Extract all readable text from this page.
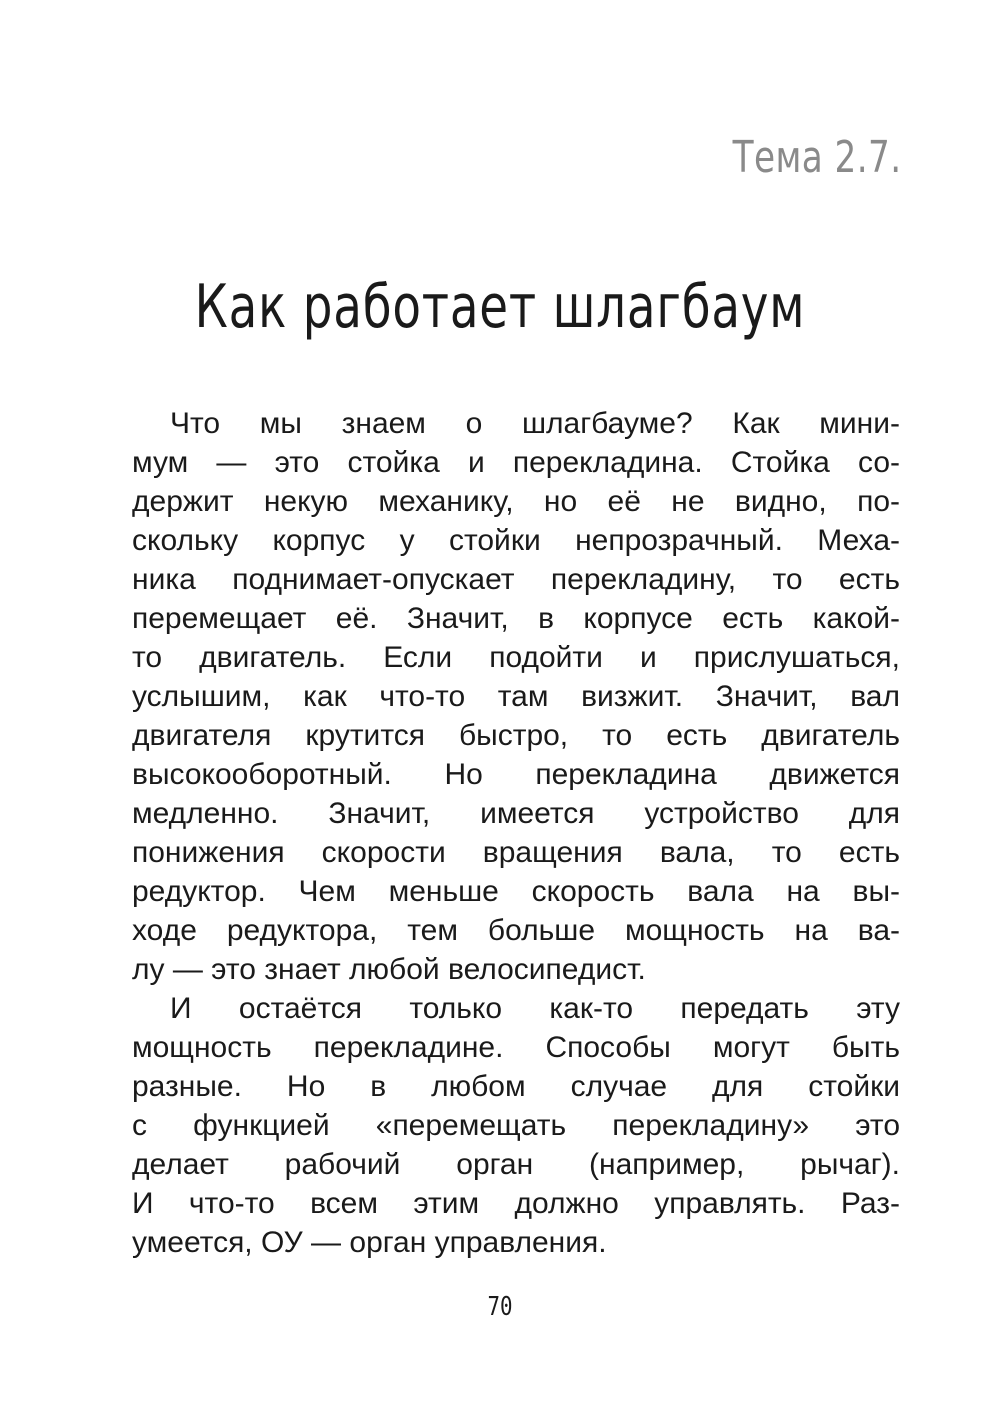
Тема 2.7.
Как работает шлагбаум
Что мы знаем о шлагбауме? Как мини-
мум — это стойка и перекладина. Стойка со-
держит некую механику, но её не видно, по-
скольку корпус у стойки непрозрачный. Меха-
ника поднимает-опускает перекладину, то есть
перемещает её. Значит, в корпусе есть какой-
то двигатель. Если подойти и прислушаться,
услышим, как что-то там визжит. Значит, вал
двигателя крутится быстро, то есть двигатель
высокооборотный. Но перекладина движется
медленно. Значит, имеется устройство для
понижения скорости вращения вала, то есть
редуктор. Чем меньше скорость вала на вы-
ходе редуктора, тем больше мощность на ва-
лу — это знает любой велосипедист.
И остаётся только как-то передать эту
мощность перекладине. Способы могут быть
разные. Но в любом случае для стойки
с функцией «перемещать перекладину» это
делает рабочий орган (например, рычаг).
И что-то всем этим должно управлять. Раз-
умеется, ОУ — орган управления.
70
